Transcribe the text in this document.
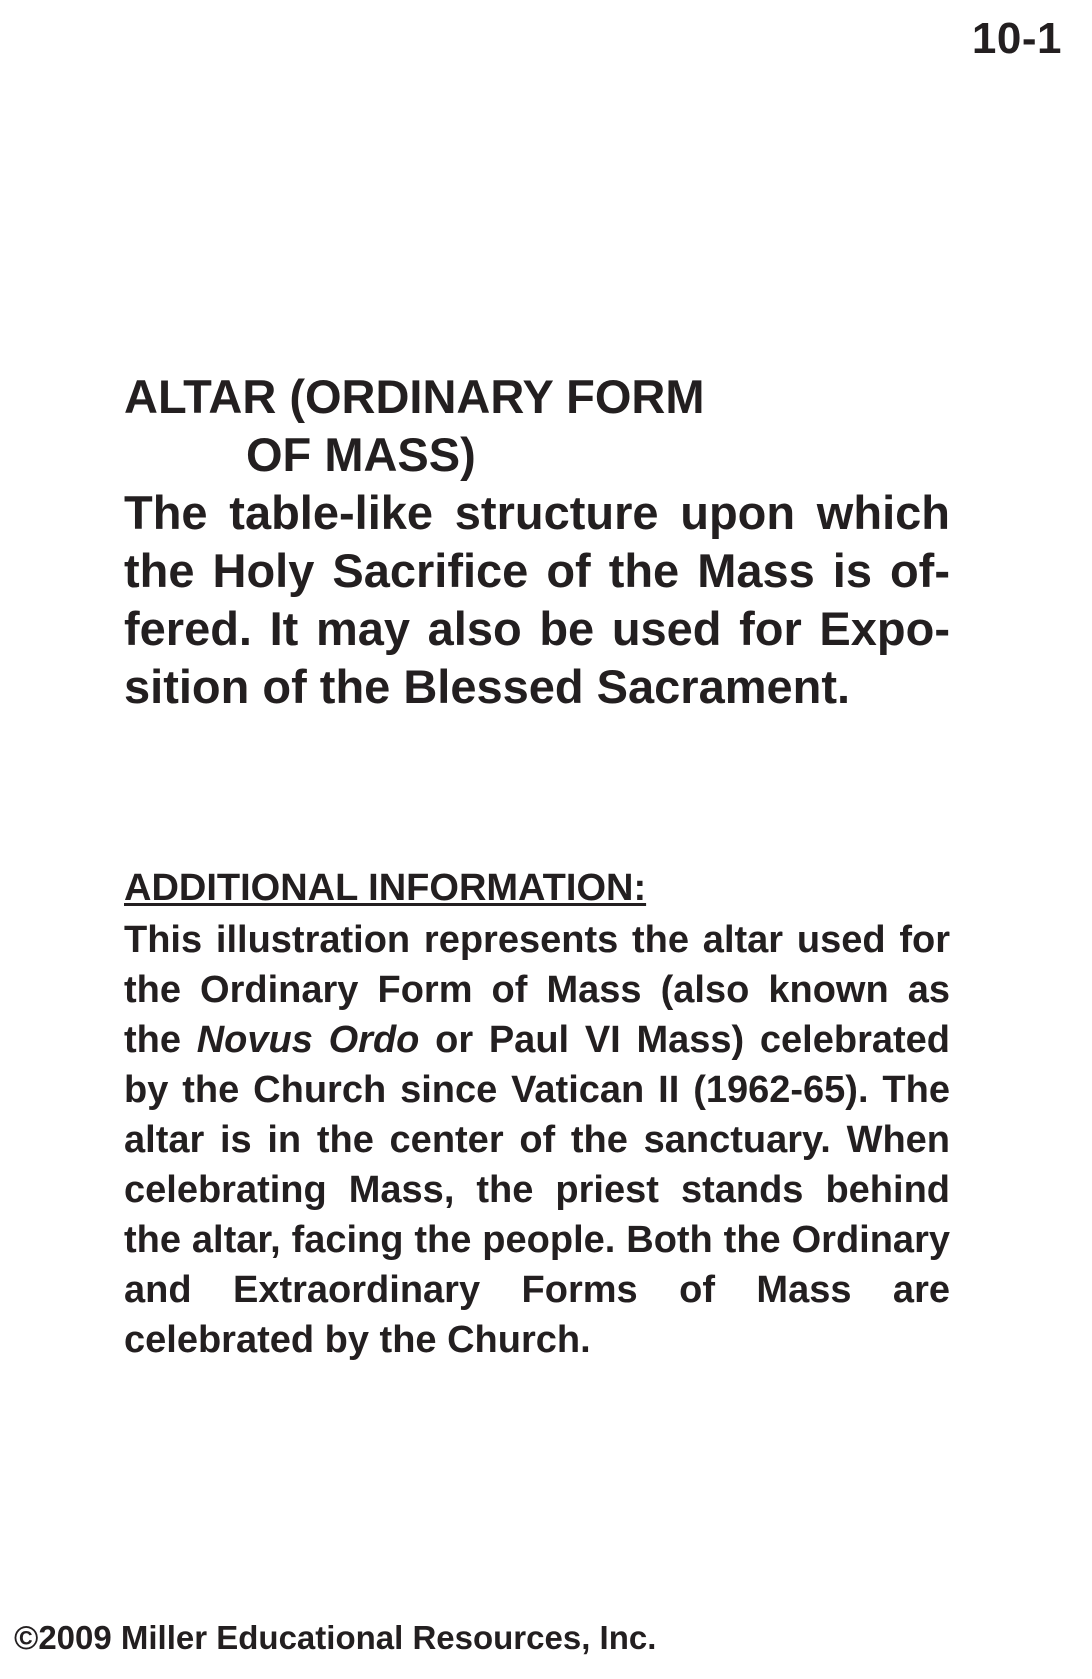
10-1
ALTAR (ORDINARY FORM
OF MASS)

The table-like structure upon which the Holy Sacrifice of the Mass is offered. It may also be used for Exposition of the Blessed Sacrament.

ADDITIONAL INFORMATION:

This illustration represents the altar used for the Ordinary Form of Mass (also known as the Novus Ordo or Paul VI Mass) celebrated by the Church since Vatican II (1962-65). The altar is in the center of the sanctuary. When celebrating Mass, the priest stands behind the altar, facing the people. Both the Ordinary and Extraordinary Forms of Mass are celebrated by the Church.

©2009 Miller Educational Resources, Inc.
